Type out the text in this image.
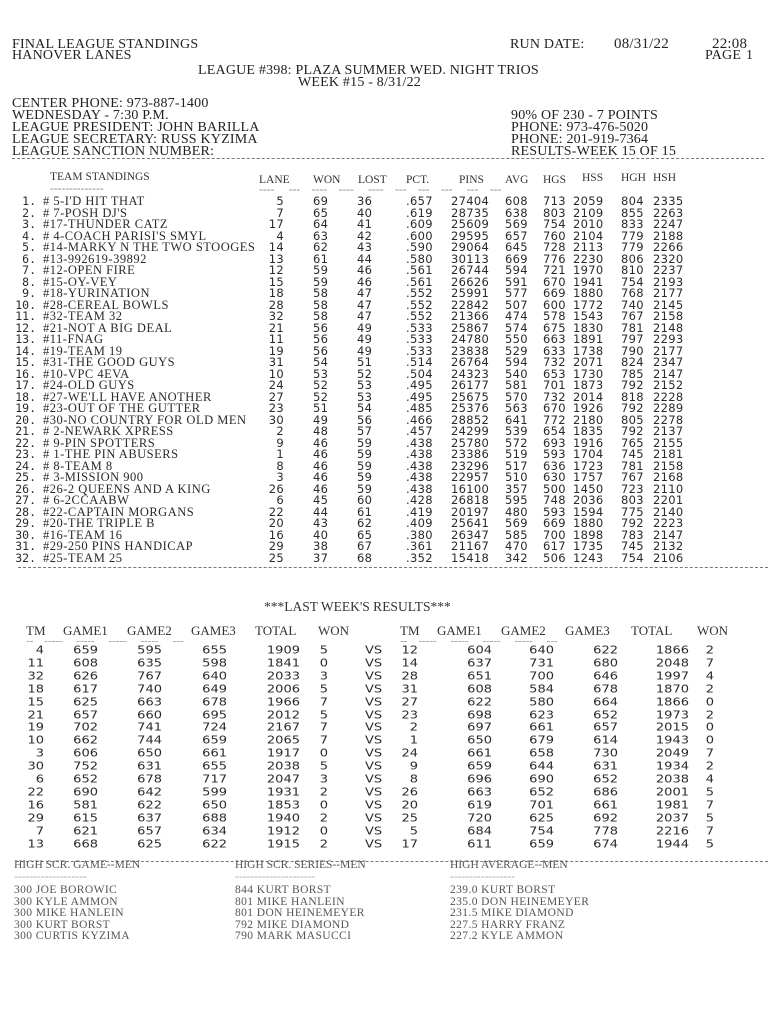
FINAL LEAGUE STANDINGS
HANOVER LANES
RUN DATE: 08/31/22	22:08
PAGE 1
LEAGUE #398: PLAZA SUMMER WED. NIGHT TRIOS
WEEK #15 - 8/31/22
CENTER PHONE: 973-887-1400
WEDNESDAY - 7:30 P.M.
LEAGUE PRESIDENT: JOHN BARILLA
LEAGUE SECRETARY: RUSS KYZIMA
LEAGUE SANCTION NUMBER:
90% OF 230 - 7 POINTS
PHONE: 973-476-5020
PHONE: 201-919-7364
RESULTS-WEEK 15 OF 15
TEAM STANDINGS
--------------
LANE WON LOST PCT.	PINS AVG HGS HSS HGH HSH
----     ---    ----    ----     ----    ---    ---    ---     ---    ---
1. # 5-I'D HIT THAT	5	69	36	.657 27404 608 713 2059 804 2335
2. # 7-POSH DJ'S	7	65	40	.619 28735 638 803 2109 855 2263
3. #17-THUNDER CATZ	17	64	41	.609 25609 569 754 2010 833 2247
4. # 4-COACH PARISI'S SMYL	4	63	42	.600 29595 657 760 2104 779 2188
5. #14-MARKY N THE TWO STOOGES	14	62	43	.590 29064 645 728 2113 779 2266
6. #13-992619-39892	13	61	44	.580 30113 669 776 2230 806 2320
7. #12-OPEN FIRE	12	59	46	.561 26744 594 721 1970 810 2237
8. #15-OY-VEY	15	59	46	.561 26626 591 670 1941 754 2193
9. #18-YURINATION	18	58	47	.552 25991 577 669 1880 768 2177
10. #28-CEREAL BOWLS	28	58	47	.552 22842 507 600 1772 740 2145
11. #32-TEAM 32	32	58	47	.552 21366 474 578 1543 767 2158
12. #21-NOT A BIG DEAL	21	56	49	.533 25867 574 675 1830 781 2148
13. #11-FNAG	11	56	49	.533 24780 550 663 1891 797 2293
14. #19-TEAM 19	19	56	49	.533 23838 529 633 1738 790 2177
15. #31-THE GOOD GUYS	31	54	51	.514 26764 594 732 2071 824 2347
16. #10-VPC 4EVA	10	53	52	.504 24323 540 653 1730 785 2147
17. #24-OLD GUYS	24	52	53	.495 26177 581 701 1873 792 2152
18. #27-WE'LL HAVE ANOTHER	27	52	53	.495 25675 570 732 2014 818 2228
19. #23-OUT OF THE GUTTER	23	51	54	.485 25376 563 670 1926 792 2289
20. #30-NO COUNTRY FOR OLD MEN	30	49	56	.466 28852 641 772 2180 805 2278
21. # 2-NEWARK XPRESS	2	48	57	.457 24299 539 654 1835 792 2137
22. # 9-PIN SPOTTERS	9	46	59	.438 25780 572 693 1916 765 2155
23. # 1-THE PIN ABUSERS	1	46	59	.438 23386 519 593 1704 745 2181
24. # 8-TEAM 8	8	46	59	.438 23296 517 636 1723 781 2158
25. # 3-MISSION 900	3	46	59	.438 22957 510 630 1757 767 2168
26. #26-2 QUEENS AND A KING	26	46	59	.438 16100 357 500 1450 723 2110
27. # 6-2CCAABW	6	45	60	.428 26818 595 748 2036 803 2201
28. #22-CAPTAIN MORGANS	22	44	61	.419 20197 480 593 1594 775 2140
29. #20-THE TRIPLE B	20	43	62	.409 25641 569 669 1880 792 2223
30. #16-TEAM 16	16	40	65	.380 26347 585 700 1898 783 2147
31. #29-250 PINS HANDICAP	29	38	67	.361 21167 470 617 1735 745 2132
32. #25-TEAM 25	25	37	68	.352 15418 342 506 1243 754 2106
***LAST WEEK'S RESULTS***
TM GAME1 GAME2 GAME3 TOTAL WON	TM GAME1 GAME2 GAME3 TOTAL WON
--    -----     -----     -----     -----     ---	--    -----     -----     -----     -----     ---
4 659	595	655	1909 5	VS 12	604	640	622	1866 2
11 608	635	598	1841 0	VS 14	637	731	680	2048 7
32 626	767	640	2033 3	VS 28	651	700	646	1997 4
18 617	740	649	2006 5	VS 31	608	584	678	1870 2
15 625	663	678	1966 7	VS 27	622	580	664	1866 0
21 657	660	695	2012 5	VS 23	698	623	652	1973 2
19 702	741	724	2167 7	VS 2	697	661	657	2015 0
10 662	744	659	2065 7	VS 1	650	679	614	1943 0
3 606	650	661	1917 0	VS 24	661	658	730	2049 7
30 752	631	655	2038 5	VS 9	659	644	631	1934 2
6 652	678	717	2047 3	VS 8	696	690	652	2038 4
22 690	642	599	1931 2	VS 26	663	652	686	2001 5
16 581	622	650	1853 0	VS 20	619	701	661	1981 7
29 615	637	688	1940 2	VS 25	720	625	692	2037 5
7 621	657	634	1912 0	VS 5	684	754	778	2216 7
13 668	625	622	1915 2	VS 17	611	659	674	1944 5
HIGH SCR. GAME--MEN
-------------------
300 JOE BOROWIC
300 KYLE AMMON
300 MIKE HANLEIN
300 KURT BORST
300 CURTIS KYZIMA
HIGH SCR. SERIES--MEN
---------------------
844 KURT BORST
801 MIKE HANLEIN
801 DON HEINEMEYER
792 MIKE DIAMOND
790 MARK MASUCCI
HIGH AVERAGE--MEN
-----------------
239.0 KURT BORST
235.0 DON HEINEMEYER
231.5 MIKE DIAMOND
227.5 HARRY FRANZ
227.2 KYLE AMMON
